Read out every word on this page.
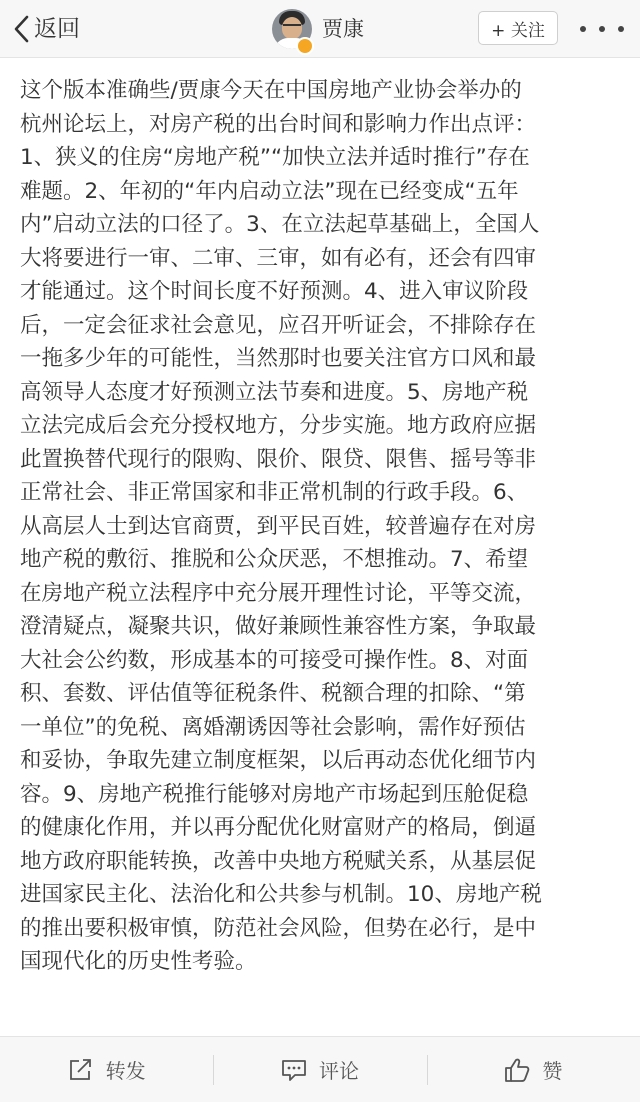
返回	贾康	+ 关注
这个版本准确些/贾康今天在中国房地产业协会举办的
杭州论坛上，对房产税的出台时间和影响力作出点评：
1、狭义的住房“房地产税”“加快立法并适时推行”存在
难题。2、年初的“年内启动立法”现在已经变成“五年
内”启动立法的口径了。3、在立法起草基础上，全国人
大将要进行一审、二审、三审，如有必有，还会有四审
才能通过。这个时间长度不好预测。4、进入审议阶段
后，一定会征求社会意见，应召开听证会，不排除存在
一拖多少年的可能性，当然那时也要关注官方口风和最
高领导人态度才好预测立法节奏和进度。5、房地产税
立法完成后会充分授权地方，分步实施。地方政府应据
此置换替代现行的限购、限价、限贷、限售、摇号等非
正常社会、非正常国家和非正常机制的行政手段。6、
从高层人士到达官商贾，到平民百姓，较普遍存在对房
地产税的敷衍、推脱和公众厌恶，不想推动。7、希望
在房地产税立法程序中充分展开理性讨论，平等交流，
澄清疑点，凝聚共识，做好兼顾性兼容性方案，争取最
大社会公约数，形成基本的可接受可操作性。8、对面
积、套数、评估值等征税条件、税额合理的扣除、“第
一单位”的免税、离婚潮诱因等社会影响，需作好预估
和妥协，争取先建立制度框架，以后再动态优化细节内
容。9、房地产税推行能够对房地产市场起到压舱促稳
的健康化作用，并以再分配优化财富财产的格局，倒逼
地方政府职能转换，改善中央地方税赋关系，从基层促
进国家民主化、法治化和公共参与机制。10、房地产税
的推出要积极审慎，防范社会风险，但势在必行，是中
国现代化的历史性考验。
转发	评论	赞
